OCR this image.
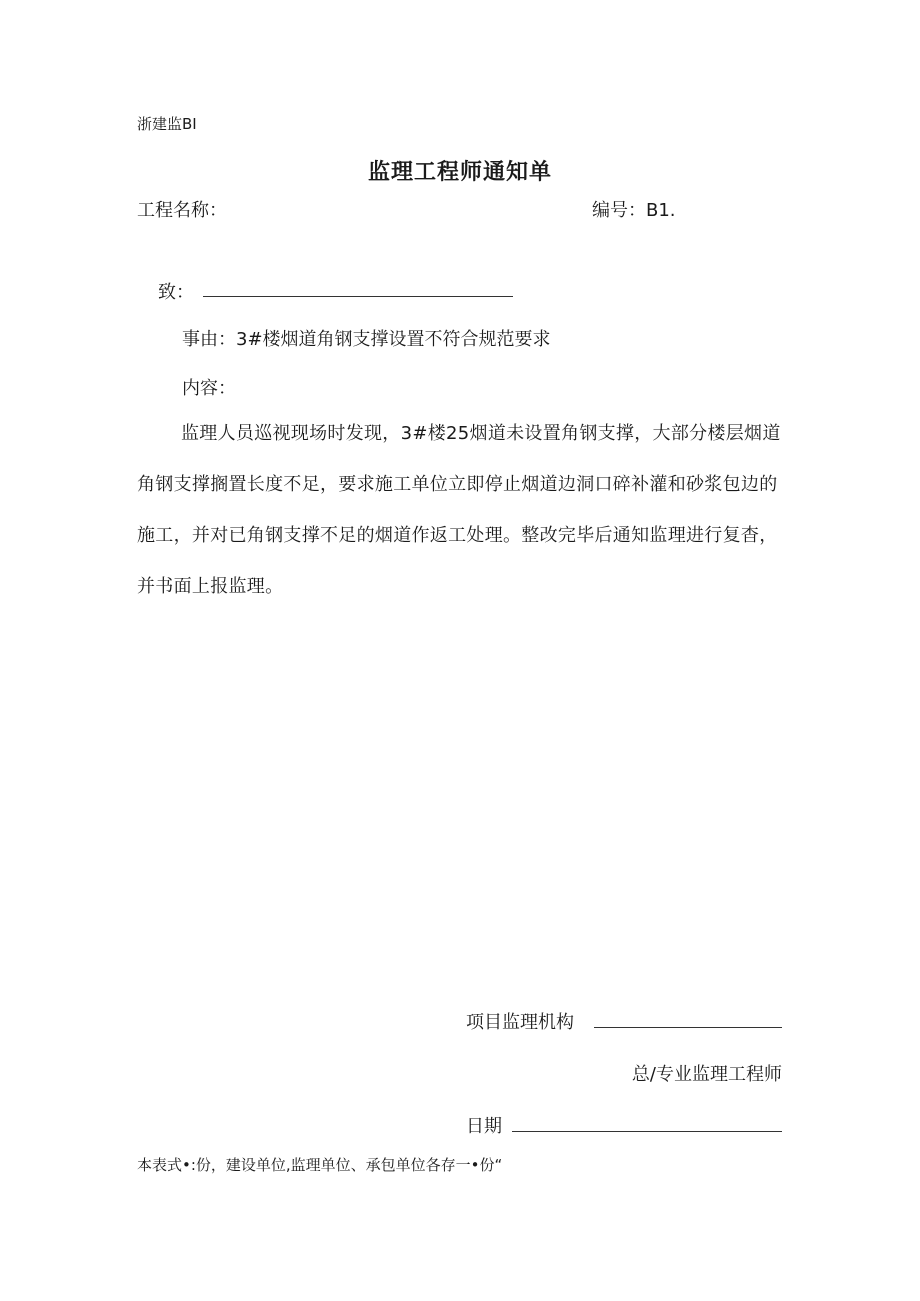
浙建监BI
监理工程师通知单
工程名称：	编号：B1.
致：
事由：3#楼烟道角钢支撑设置不符合规范要求
内容：
监理人员巡视现场时发现，3#楼25烟道未设置角钢支撑，大部分楼层烟道角钢支撑搁置长度不足，要求施工单位立即停止烟道边洞口碎补灌和砂浆包边的施工，并对已角钢支撑不足的烟道作返工处理。整改完毕后通知监理进行复杳，并书面上报监理。
项目监理机构
总/专业监理工程师
日期
本表式•:份，建设单位,监理单位、承包单位各存一•份“
